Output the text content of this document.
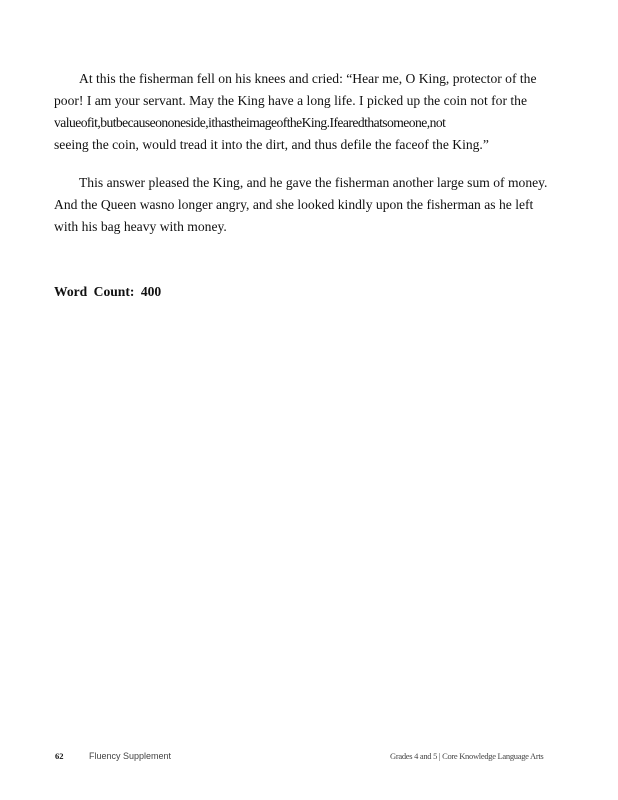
At this the fisherman fell on his knees and cried: “Hear me, O King, protector of the
poor! I am your servant. May the King have a long life. I picked up the coin not for the
valueofit,butbecauseononeside,ithastheimageoftheKing.Ifearedthatsomeone,not
seeing the coin, would tread it into the dirt, and thus defile the faceof the King.”
This answer pleased the King, and he gave the fisherman another large sum of money.
And the Queen wasno longer angry, and she looked kindly upon the fisherman as he left
with his bag heavy with money.
Word Count: 400
62	Fluency Supplement	Grades 4 and 5 | Core Knowledge Language Arts
